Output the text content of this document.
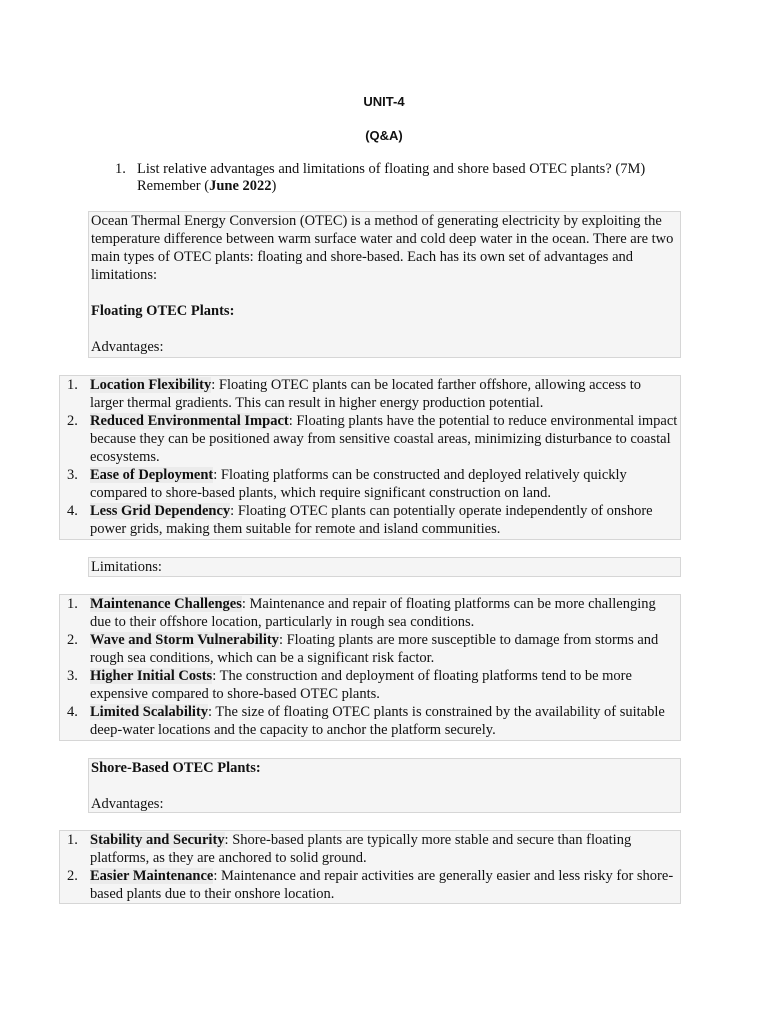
UNIT-4
(Q&A)
1. List relative advantages and limitations of floating and shore based OTEC plants? (7M) Remember (June 2022)

Ocean Thermal Energy Conversion (OTEC) is a method of generating electricity by exploiting the temperature difference between warm surface water and cold deep water in the ocean. There are two main types of OTEC plants: floating and shore-based. Each has its own set of advantages and limitations:

Floating OTEC Plants:

Advantages:

1. Location Flexibility: Floating OTEC plants can be located farther offshore, allowing access to larger thermal gradients. This can result in higher energy production potential.
2. Reduced Environmental Impact: Floating plants have the potential to reduce environmental impact because they can be positioned away from sensitive coastal areas, minimizing disturbance to coastal ecosystems.
3. Ease of Deployment: Floating platforms can be constructed and deployed relatively quickly compared to shore-based plants, which require significant construction on land.
4. Less Grid Dependency: Floating OTEC plants can potentially operate independently of onshore power grids, making them suitable for remote and island communities.

Limitations:

1. Maintenance Challenges: Maintenance and repair of floating platforms can be more challenging due to their offshore location, particularly in rough sea conditions.
2. Wave and Storm Vulnerability: Floating plants are more susceptible to damage from storms and rough sea conditions, which can be a significant risk factor.
3. Higher Initial Costs: The construction and deployment of floating platforms tend to be more expensive compared to shore-based OTEC plants.
4. Limited Scalability: The size of floating OTEC plants is constrained by the availability of suitable deep-water locations and the capacity to anchor the platform securely.

Shore-Based OTEC Plants:

Advantages:

1. Stability and Security: Shore-based plants are typically more stable and secure than floating platforms, as they are anchored to solid ground.
2. Easier Maintenance: Maintenance and repair activities are generally easier and less risky for shore-based plants due to their onshore location.
